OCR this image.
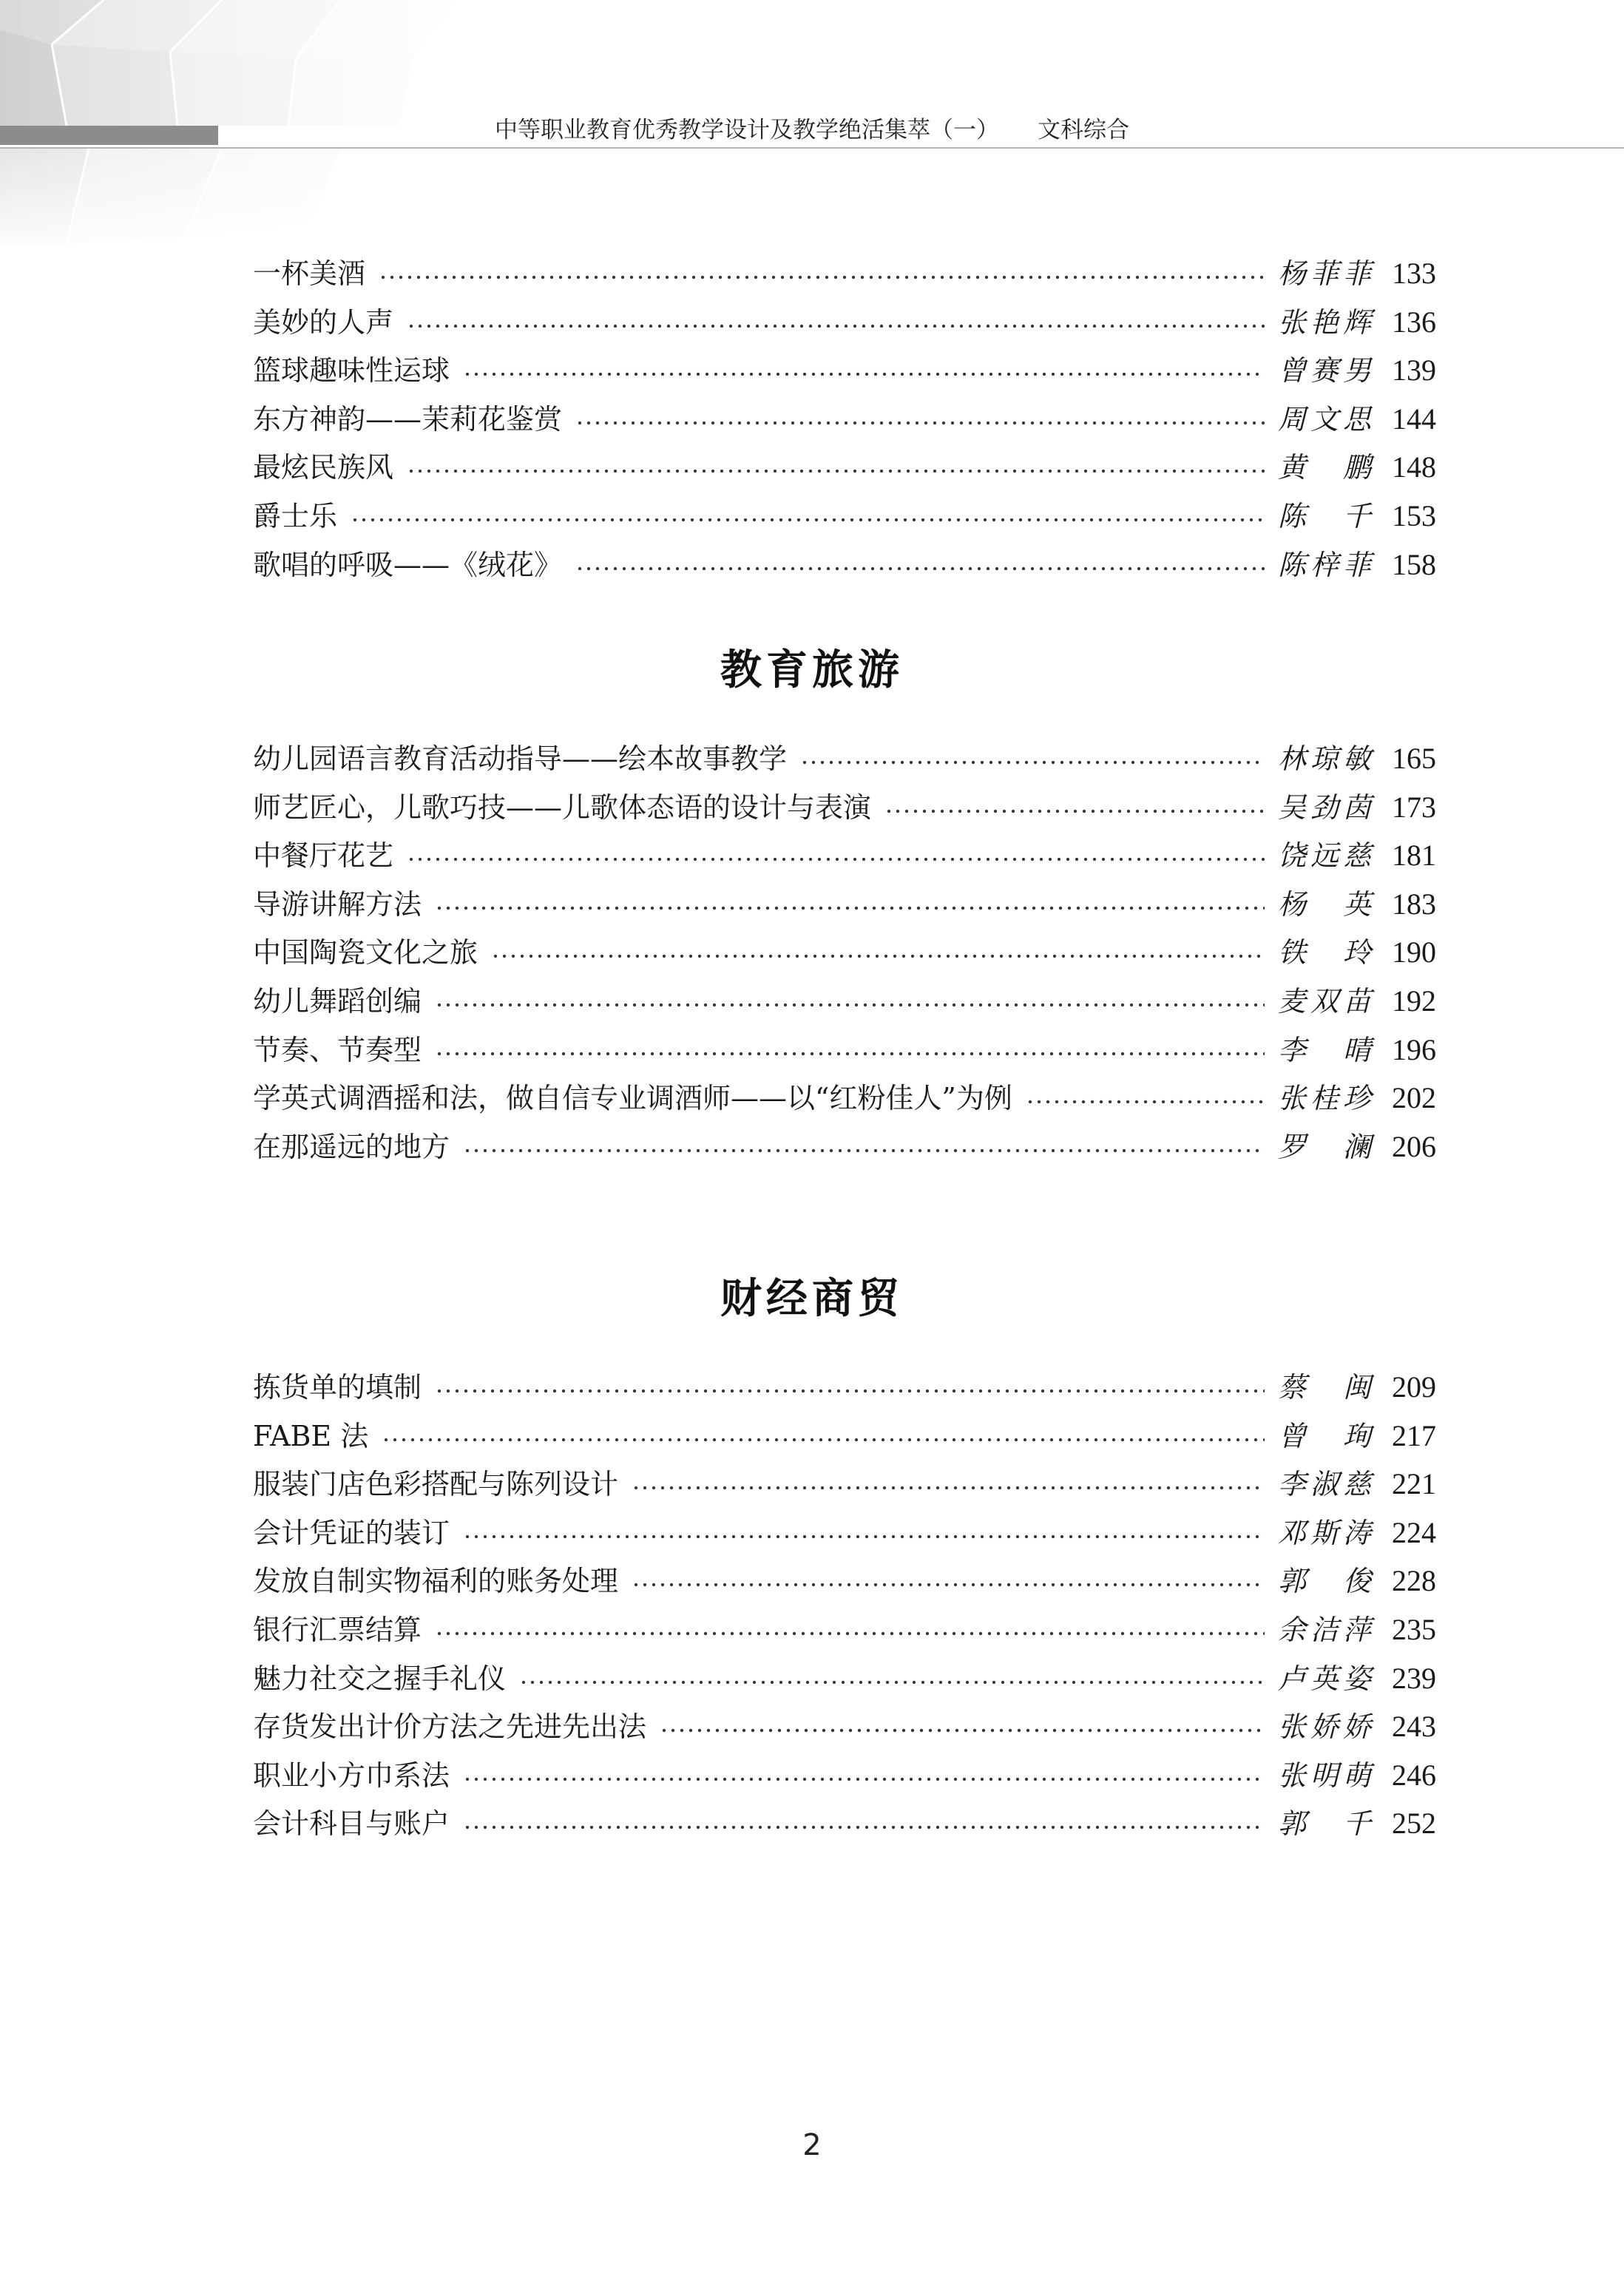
中等职业教育优秀教学设计及教学绝活集萃（一） 文科综合
一杯美酒	杨菲菲 133
美妙的人声	张艳辉 136
篮球趣味性运球	曾赛男 139
东方神韵——茉莉花鉴赏	周文思 144
最炫民族风	黄　鹏 148
爵士乐	陈　千 153
歌唱的呼吸——《绒花》	陈梓菲 158
教育旅游
幼儿园语言教育活动指导——绘本故事教学	林琼敏 165
师艺匠心，儿歌巧技——儿歌体态语的设计与表演	吴劲茵 173
中餐厅花艺	饶远慈 181
导游讲解方法	杨　英 183
中国陶瓷文化之旅	铁　玲 190
幼儿舞蹈创编	麦双苗 192
节奏、节奏型	李　晴 196
学英式调酒摇和法，做自信专业调酒师——以“红粉佳人”为例	张桂珍 202
在那遥远的地方	罗　澜 206
财经商贸
拣货单的填制	蔡　闽 209
FABE 法	曾　珣 217
服装门店色彩搭配与陈列设计	李淑慈 221
会计凭证的装订	邓斯涛 224
发放自制实物福利的账务处理	郭　俊 228
银行汇票结算	余洁萍 235
魅力社交之握手礼仪	卢英姿 239
存货发出计价方法之先进先出法	张娇娇 243
职业小方巾系法	张明萌 246
会计科目与账户	郭　千 252
2
